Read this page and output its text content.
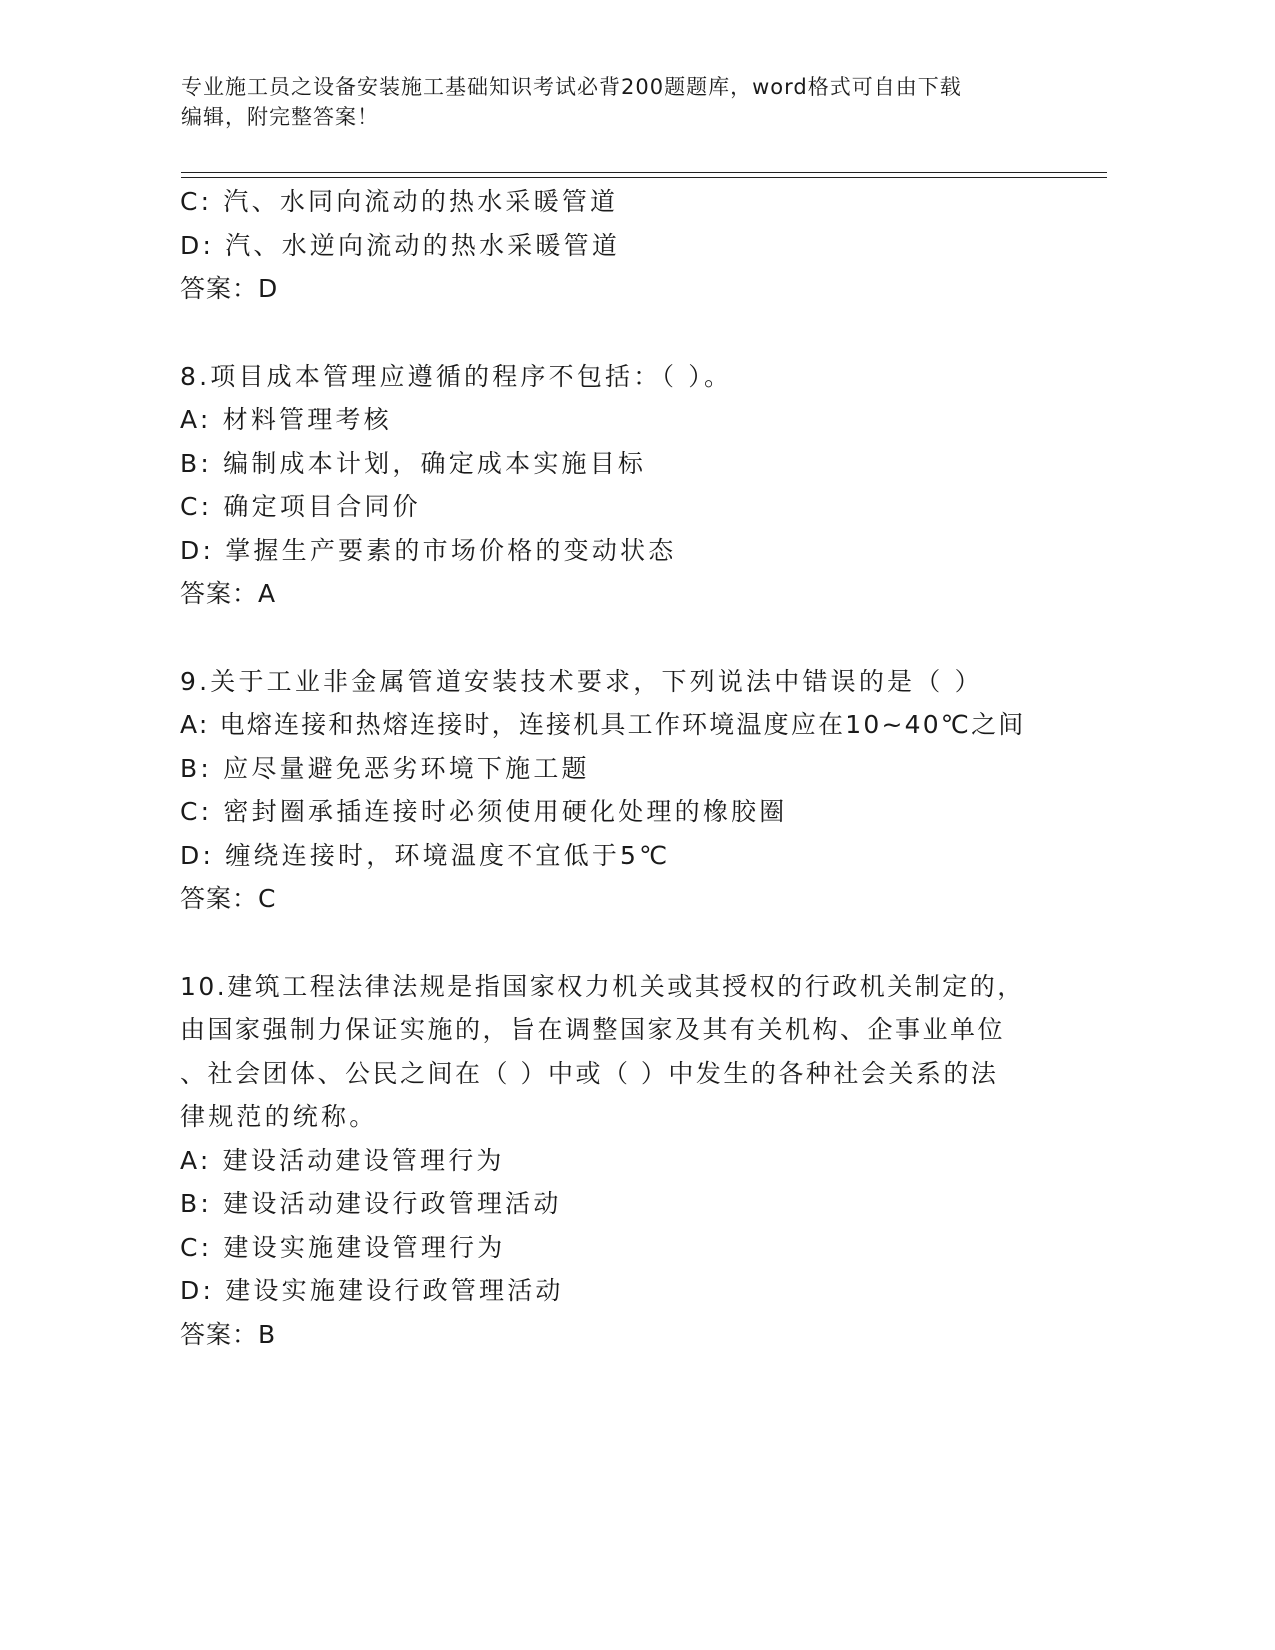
专业施工员之设备安装施工基础知识考试必背200题题库，word格式可自由下载
编辑，附完整答案！
C: 汽、水同向流动的热水采暖管道
D: 汽、水逆向流动的热水采暖管道
答案：D
8.项目成本管理应遵循的程序不包括：（ ）。
A: 材料管理考核
B: 编制成本计划，确定成本实施目标
C: 确定项目合同价
D: 掌握生产要素的市场价格的变动状态
答案：A
9.关于工业非金属管道安装技术要求，下列说法中错误的是（ ）
A: 电熔连接和热熔连接时，连接机具工作环境温度应在10~40℃之间
B: 应尽量避免恶劣环境下施工题
C: 密封圈承插连接时必须使用硬化处理的橡胶圈
D: 缠绕连接时，环境温度不宜低于5℃
答案：C
10.建筑工程法律法规是指国家权力机关或其授权的行政机关制定的，
由国家强制力保证实施的，旨在调整国家及其有关机构、企事业单位
、社会团体、公民之间在（ ）中或（ ）中发生的各种社会关系的法
律规范的统称。
A: 建设活动建设管理行为
B: 建设活动建设行政管理活动
C: 建设实施建设管理行为
D: 建设实施建设行政管理活动
答案：B
